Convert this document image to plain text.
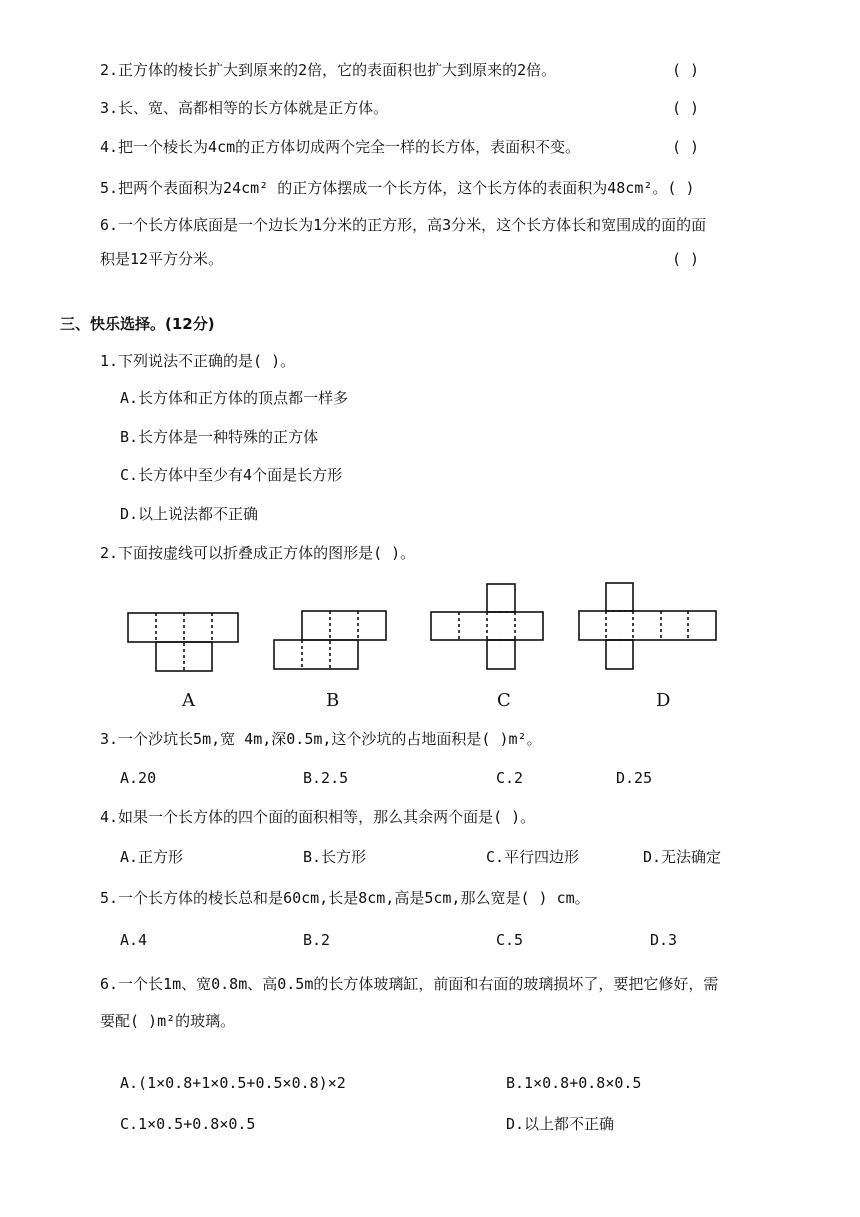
2.正方体的棱长扩大到原来的2倍，它的表面积也扩大到原来的2倍。	( )
3.长、宽、高都相等的长方体就是正方体。	( )
4.把一个棱长为4cm的正方体切成两个完全一样的长方体，表面积不变。	( )
5.把两个表面积为24cm² 的正方体摆成一个长方体，这个长方体的表面积为48cm²。( )
6.一个长方体底面是一个边长为1分米的正方形，高3分米，这个长方体长和宽围成的面的面
积是12平方分米。	( )
三、快乐选择。(12分)
1.下列说法不正确的是( )。
A.长方体和正方体的顶点都一样多
B.长方体是一种特殊的正方体
C.长方体中至少有4个面是长方形
D.以上说法都不正确
2.下面按虚线可以折叠成正方体的图形是( )。
A	B	C	D
3.一个沙坑长5m,宽 4m,深0.5m,这个沙坑的占地面积是( )m²。
A.20	B.2.5	C.2	D.25
4.如果一个长方体的四个面的面积相等，那么其余两个面是( )。
A.正方形	B.长方形	C.平行四边形	D.无法确定
5.一个长方体的棱长总和是60cm,长是8cm,高是5cm,那么宽是( ) cm。
A.4	B.2	C.5	D.3
6.一个长1m、宽0.8m、高0.5m的长方体玻璃缸，前面和右面的玻璃损坏了，要把它修好，需
要配( )m²的玻璃。
A.(1×0.8+1×0.5+0.5×0.8)×2	B.1×0.8+0.8×0.5
C.1×0.5+0.8×0.5	D.以上都不正确
